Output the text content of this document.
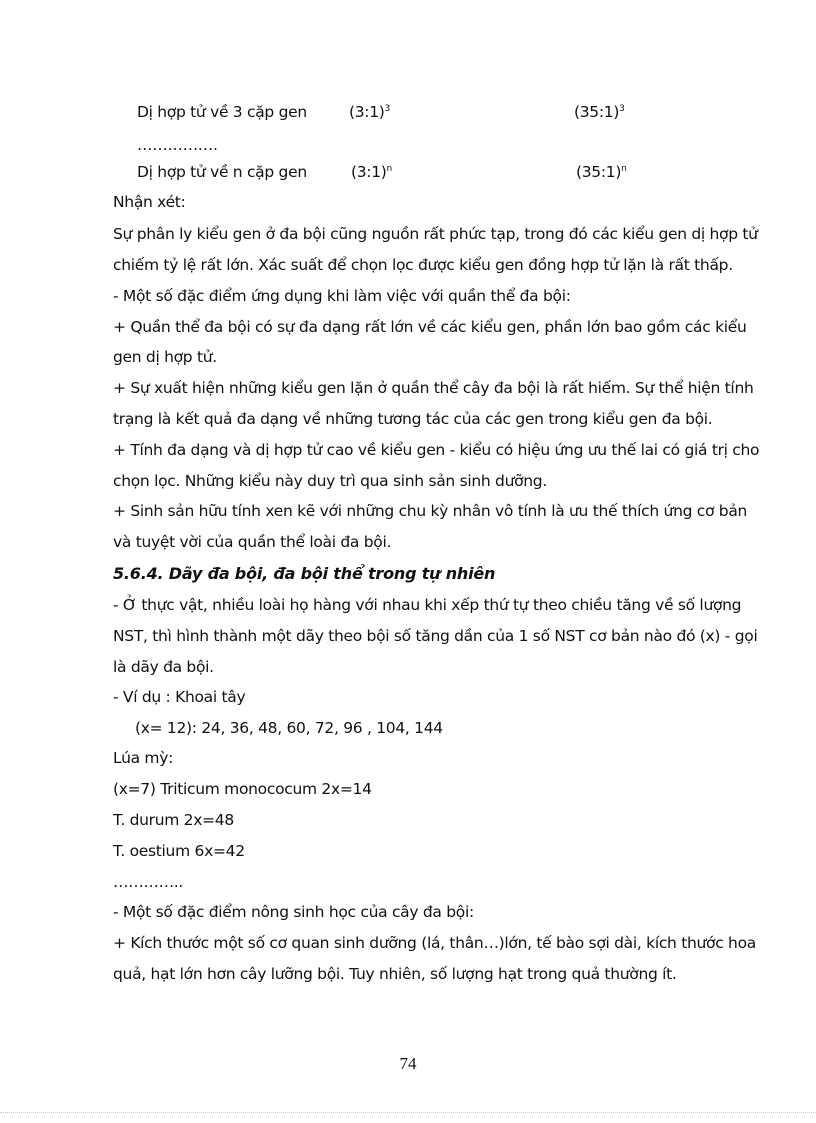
Dị hợp tử về 3 cặp gen	(3:1)$^3$	(35:1)$^3$
…………….
Dị hợp tử về n cặp gen	(3:1)$^n$	(35:1)$^n$
Nhận xét:
Sự phân ly kiểu gen ở đa bội cũng nguồn rất phức tạp, trong đó các kiểu gen dị hợp tử
chiếm tỷ lệ rất lớn. Xác suất để chọn lọc được kiểu gen đồng hợp tử lặn là rất thấp.
- Một số đặc điểm ứng dụng khi làm việc với quần thể đa bội:
+ Quần thể đa bội có sự đa dạng rất lớn về các kiểu gen, phần lớn bao gồm các kiểu
gen dị hợp tử.
+ Sự xuất hiện những kiểu gen lặn ở quần thể cây đa bội là rất hiếm. Sự thể hiện tính
trạng là kết quả đa dạng về những tương tác của các gen trong kiểu gen đa bội.
+ Tính đa dạng và dị hợp tử cao về kiểu gen - kiểu có hiệu ứng ưu thế lai có giá trị cho
chọn lọc. Những kiểu này duy trì qua sinh sản sinh dưỡng.
+ Sinh sản hữu tính xen kẽ với những chu kỳ nhân vô tính là ưu thế thích ứng cơ bản
và tuyệt vời của quần thể loài đa bội.
5.6.4. Dãy đa bội, đa bội thể trong tự nhiên
- Ở thực vật, nhiều loài họ hàng với nhau khi xếp thứ tự theo chiều tăng về số lượng
NST, thì hình thành một dãy theo bội số tăng dần của 1 số NST cơ bản nào đó (x) - gọi
là dãy đa bội.
- Ví dụ : Khoai tây
(x= 12): 24, 36, 48, 60, 72, 96 , 104, 144
Lúa mỳ:
(x=7) Triticum monococum 2x=14
T. durum 2x=48
T. oestium 6x=42
…………..
- Một số đặc điểm nông sinh học của cây đa bội:
+ Kích thước một số cơ quan sinh dưỡng (lá, thân…)lớn, tế bào sợi dài, kích thước hoa
quả, hạt lớn hơn cây lưỡng bội. Tuy nhiên, số lượng hạt trong quả thường ít.
74
